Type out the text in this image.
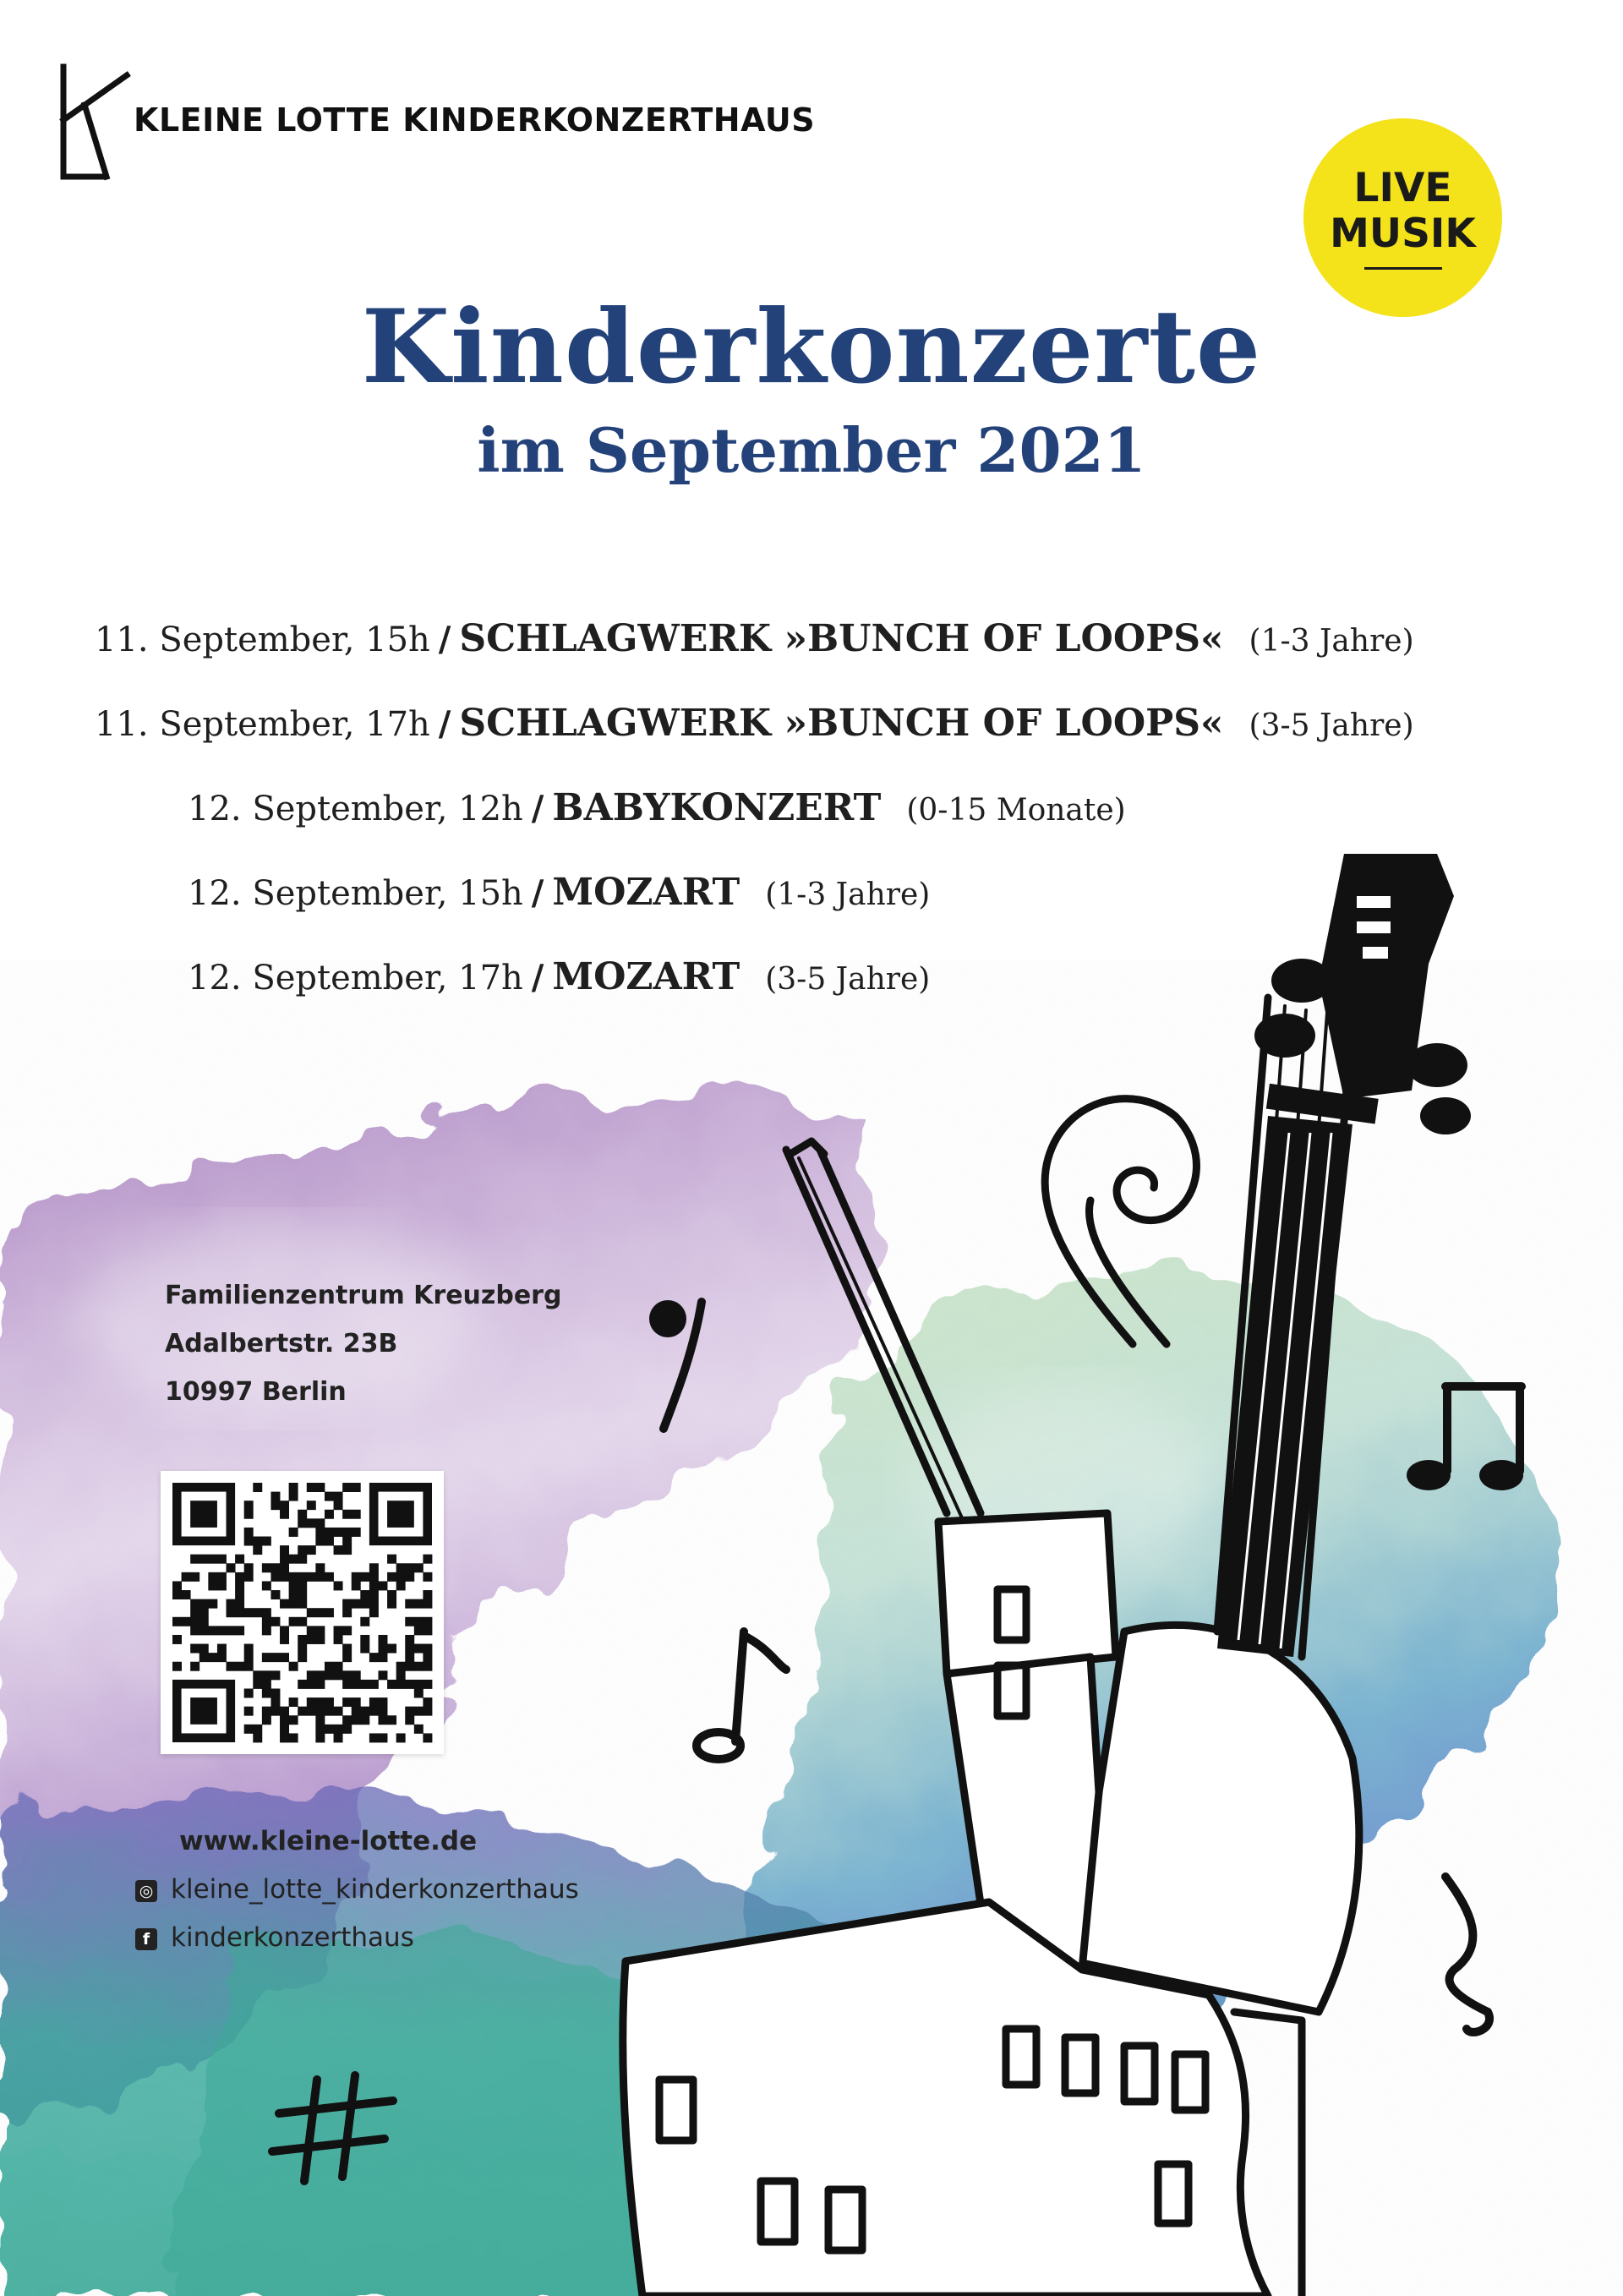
KLEINE LOTTE KINDERKONZERTHAUS
LIVE
MUSIK
Kinderkonzerte
im September 2021
11. September, 15h / SCHLAGWERK »BUNCH OF LOOPS« (1-3 Jahre)
11. September, 17h / SCHLAGWERK »BUNCH OF LOOPS« (3-5 Jahre)
12. September, 12h / BABYKONZERT (0-15 Monate)
12. September, 15h / MOZART (1-3 Jahre)
12. September, 17h / MOZART (3-5 Jahre)
Familienzentrum Kreuzberg
Adalbertstr. 23B
10997 Berlin
www.kleine-lotte.de
◎ kleine_lotte_kinderkonzerthaus
f kinderkonzerthaus
